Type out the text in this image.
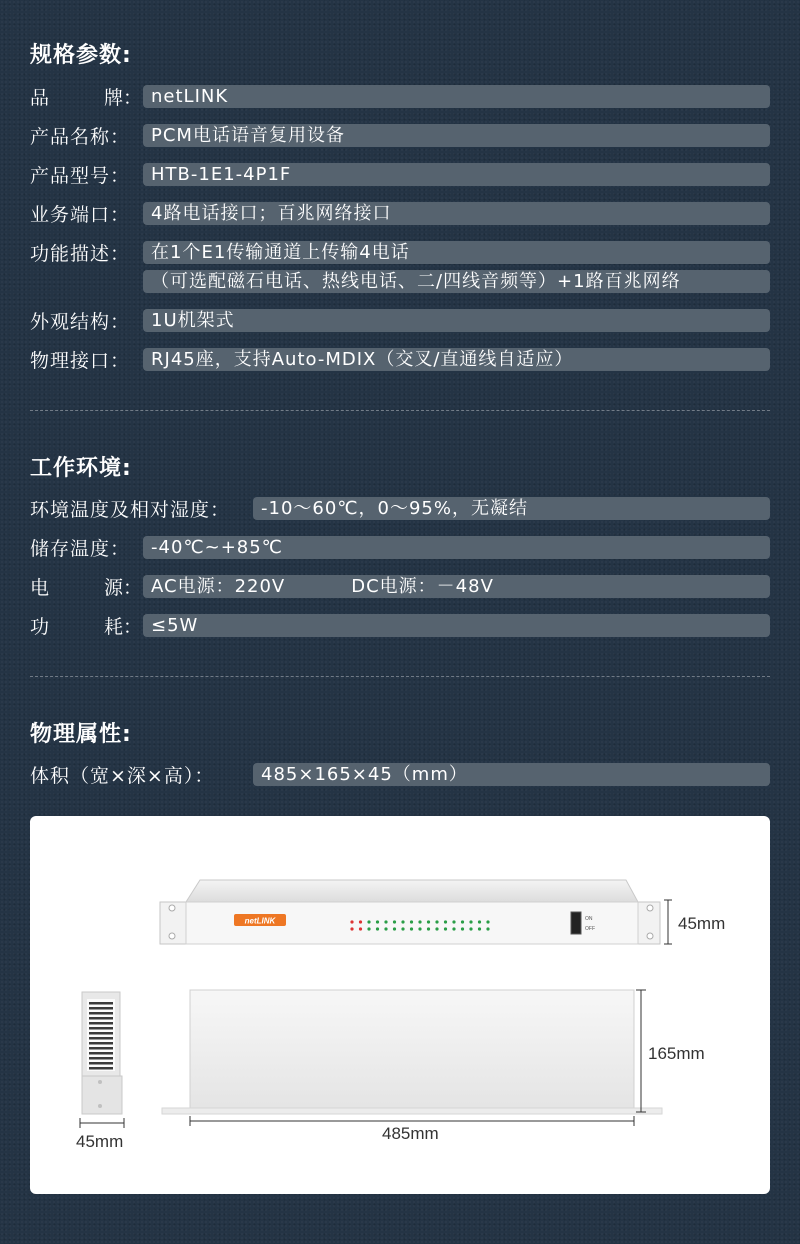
规格参数:
品	牌： netLINK
产品名称：	PCM电话语音复用设备
产品型号：	HTB-1E1-4P1F
业务端口：	4路电话接口；百兆网络接口
功能描述：	在1个E1传输通道上传输4电话
（可选配磁石电话、热线电话、二/四线音频等）+1路百兆网络
外观结构：	1U机架式
物理接口：	RJ45座，支持Auto-MDIX（交叉/直通线自适应）
工作环境:
环境温度及相对湿度：	-10～60℃，0～95%，无凝结
储存温度：	-40℃~+85℃
电	源： AC电源：220V	DC电源：－48V
功	耗： ≤5W
物理属性:
体积（宽×深×高）：	485×165×45（mm）
netLINK	ON
OFF	45mm
165mm
485mm
45mm
